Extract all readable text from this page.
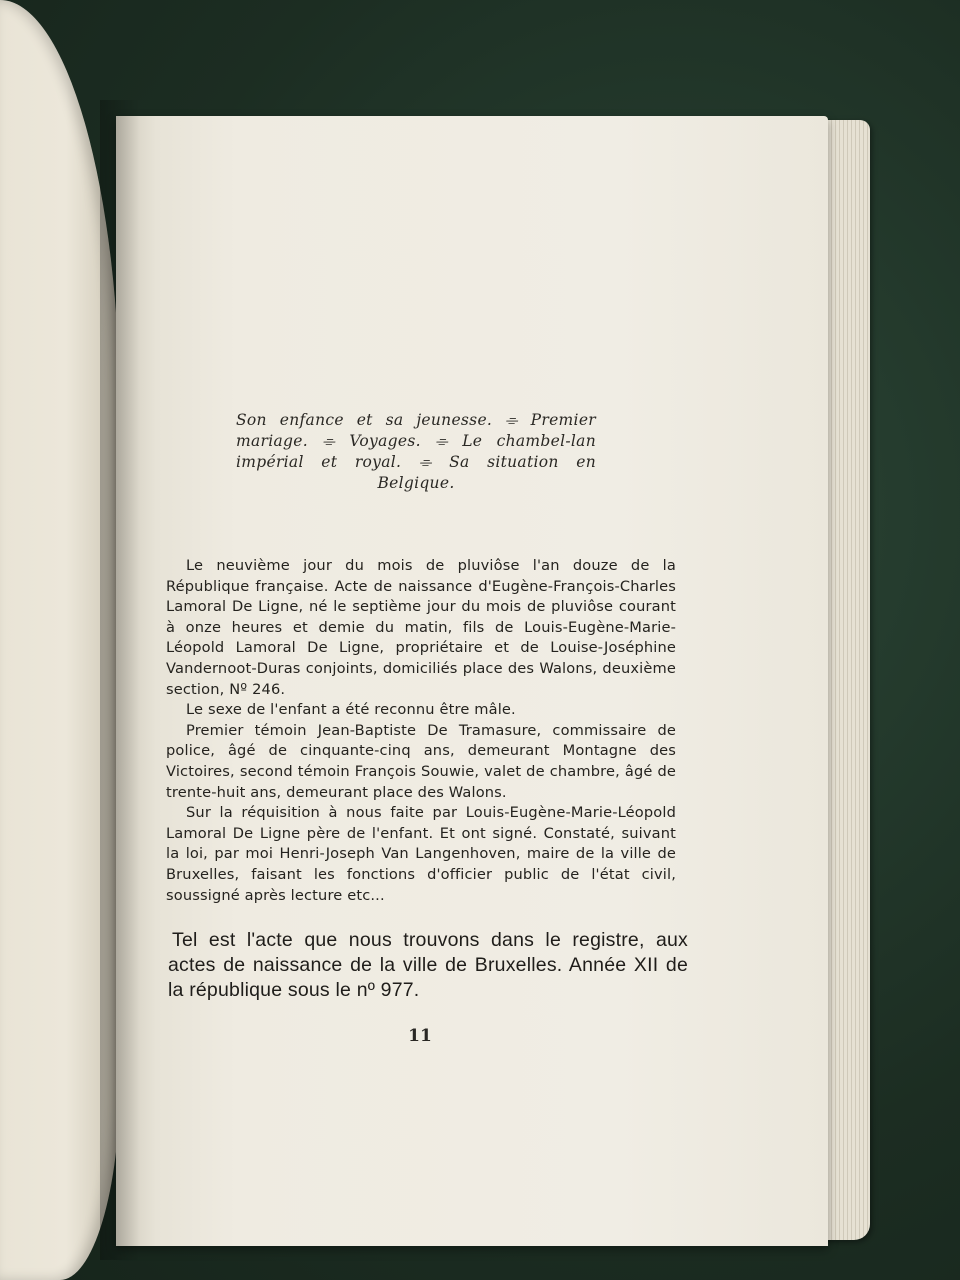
Son enfance et sa jeunesse. ⌯ Premier mariage. ⌯ Voyages. ⌯ Le chambel-lan impérial et royal. ⌯ Sa situation en Belgique.

Le neuvième jour du mois de pluviôse l'an douze de la République française. Acte de naissance d'Eugène-François-Charles Lamoral De Ligne, né le septième jour du mois de pluviôse courant à onze heures et demie du matin, fils de Louis-Eugène-Marie-Léopold Lamoral De Ligne, propriétaire et de Louise-Joséphine Vandernoot-Duras conjoints, domiciliés place des Walons, deuxième section, Nº 246.

Le sexe de l'enfant a été reconnu être mâle.

Premier témoin Jean-Baptiste De Tramasure, commissaire de police, âgé de cinquante-cinq ans, demeurant Montagne des Victoires, second témoin François Souwie, valet de chambre, âgé de trente-huit ans, demeurant place des Walons.

Sur la réquisition à nous faite par Louis-Eugène-Marie-Léopold Lamoral De Ligne père de l'enfant. Et ont signé. Constaté, suivant la loi, par moi Henri-Joseph Van Langenhoven, maire de la ville de Bruxelles, faisant les fonctions d'officier public de l'état civil, soussigné après lecture etc...

Tel est l'acte que nous trouvons dans le registre, aux actes de naissance de la ville de Bruxelles. Année XII de la république sous le nº 977.

11
